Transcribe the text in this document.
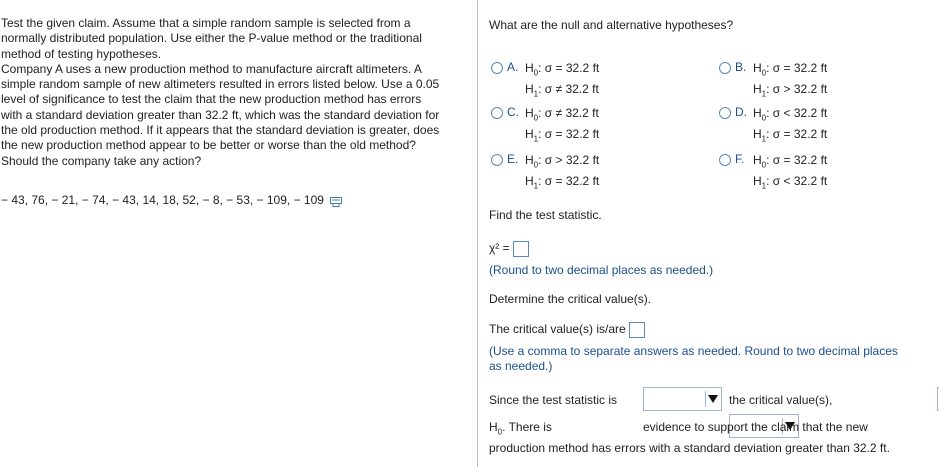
Test the given claim. Assume that a simple random sample is selected from a
normally distributed population. Use either the P-value method or the traditional
method of testing hypotheses.
Company A uses a new production method to manufacture aircraft altimeters. A
simple random sample of new altimeters resulted in errors listed below. Use a 0.05
level of significance to test the claim that the new production method has errors
with a standard deviation greater than 32.2 ft, which was the standard deviation for
the old production method. If it appears that the standard deviation is greater, does
the new production method appear to be better or worse than the old method?
Should the company take any action?

− 43, 76, − 21, − 74, − 43, 14, 18, 52, − 8, − 53, − 109, − 109
What are the null and alternative hypotheses?
A. $H_0$: σ = 32.2 ft
$H_1$: σ ≠ 32.2 ft
B. $H_0$: σ = 32.2 ft
$H_1$: σ > 32.2 ft
C. $H_0$: σ ≠ 32.2 ft
$H_1$: σ = 32.2 ft
D. $H_0$: σ < 32.2 ft
$H_1$: σ = 32.2 ft
E. $H_0$: σ > 32.2 ft
$H_1$: σ = 32.2 ft
F. $H_0$: σ = 32.2 ft
$H_1$: σ < 32.2 ft
Find the test statistic.
χ² =
(Round to two decimal places as needed.)
Determine the critical value(s).
The critical value(s) is/are
(Use a comma to separate answers as needed. Round to two decimal places
as needed.)
Since the test statistic is
	the critical value(s),

$H_0$. There is	evidence to support the claim that the new
production method has errors with a standard deviation greater than 32.2 ft.
